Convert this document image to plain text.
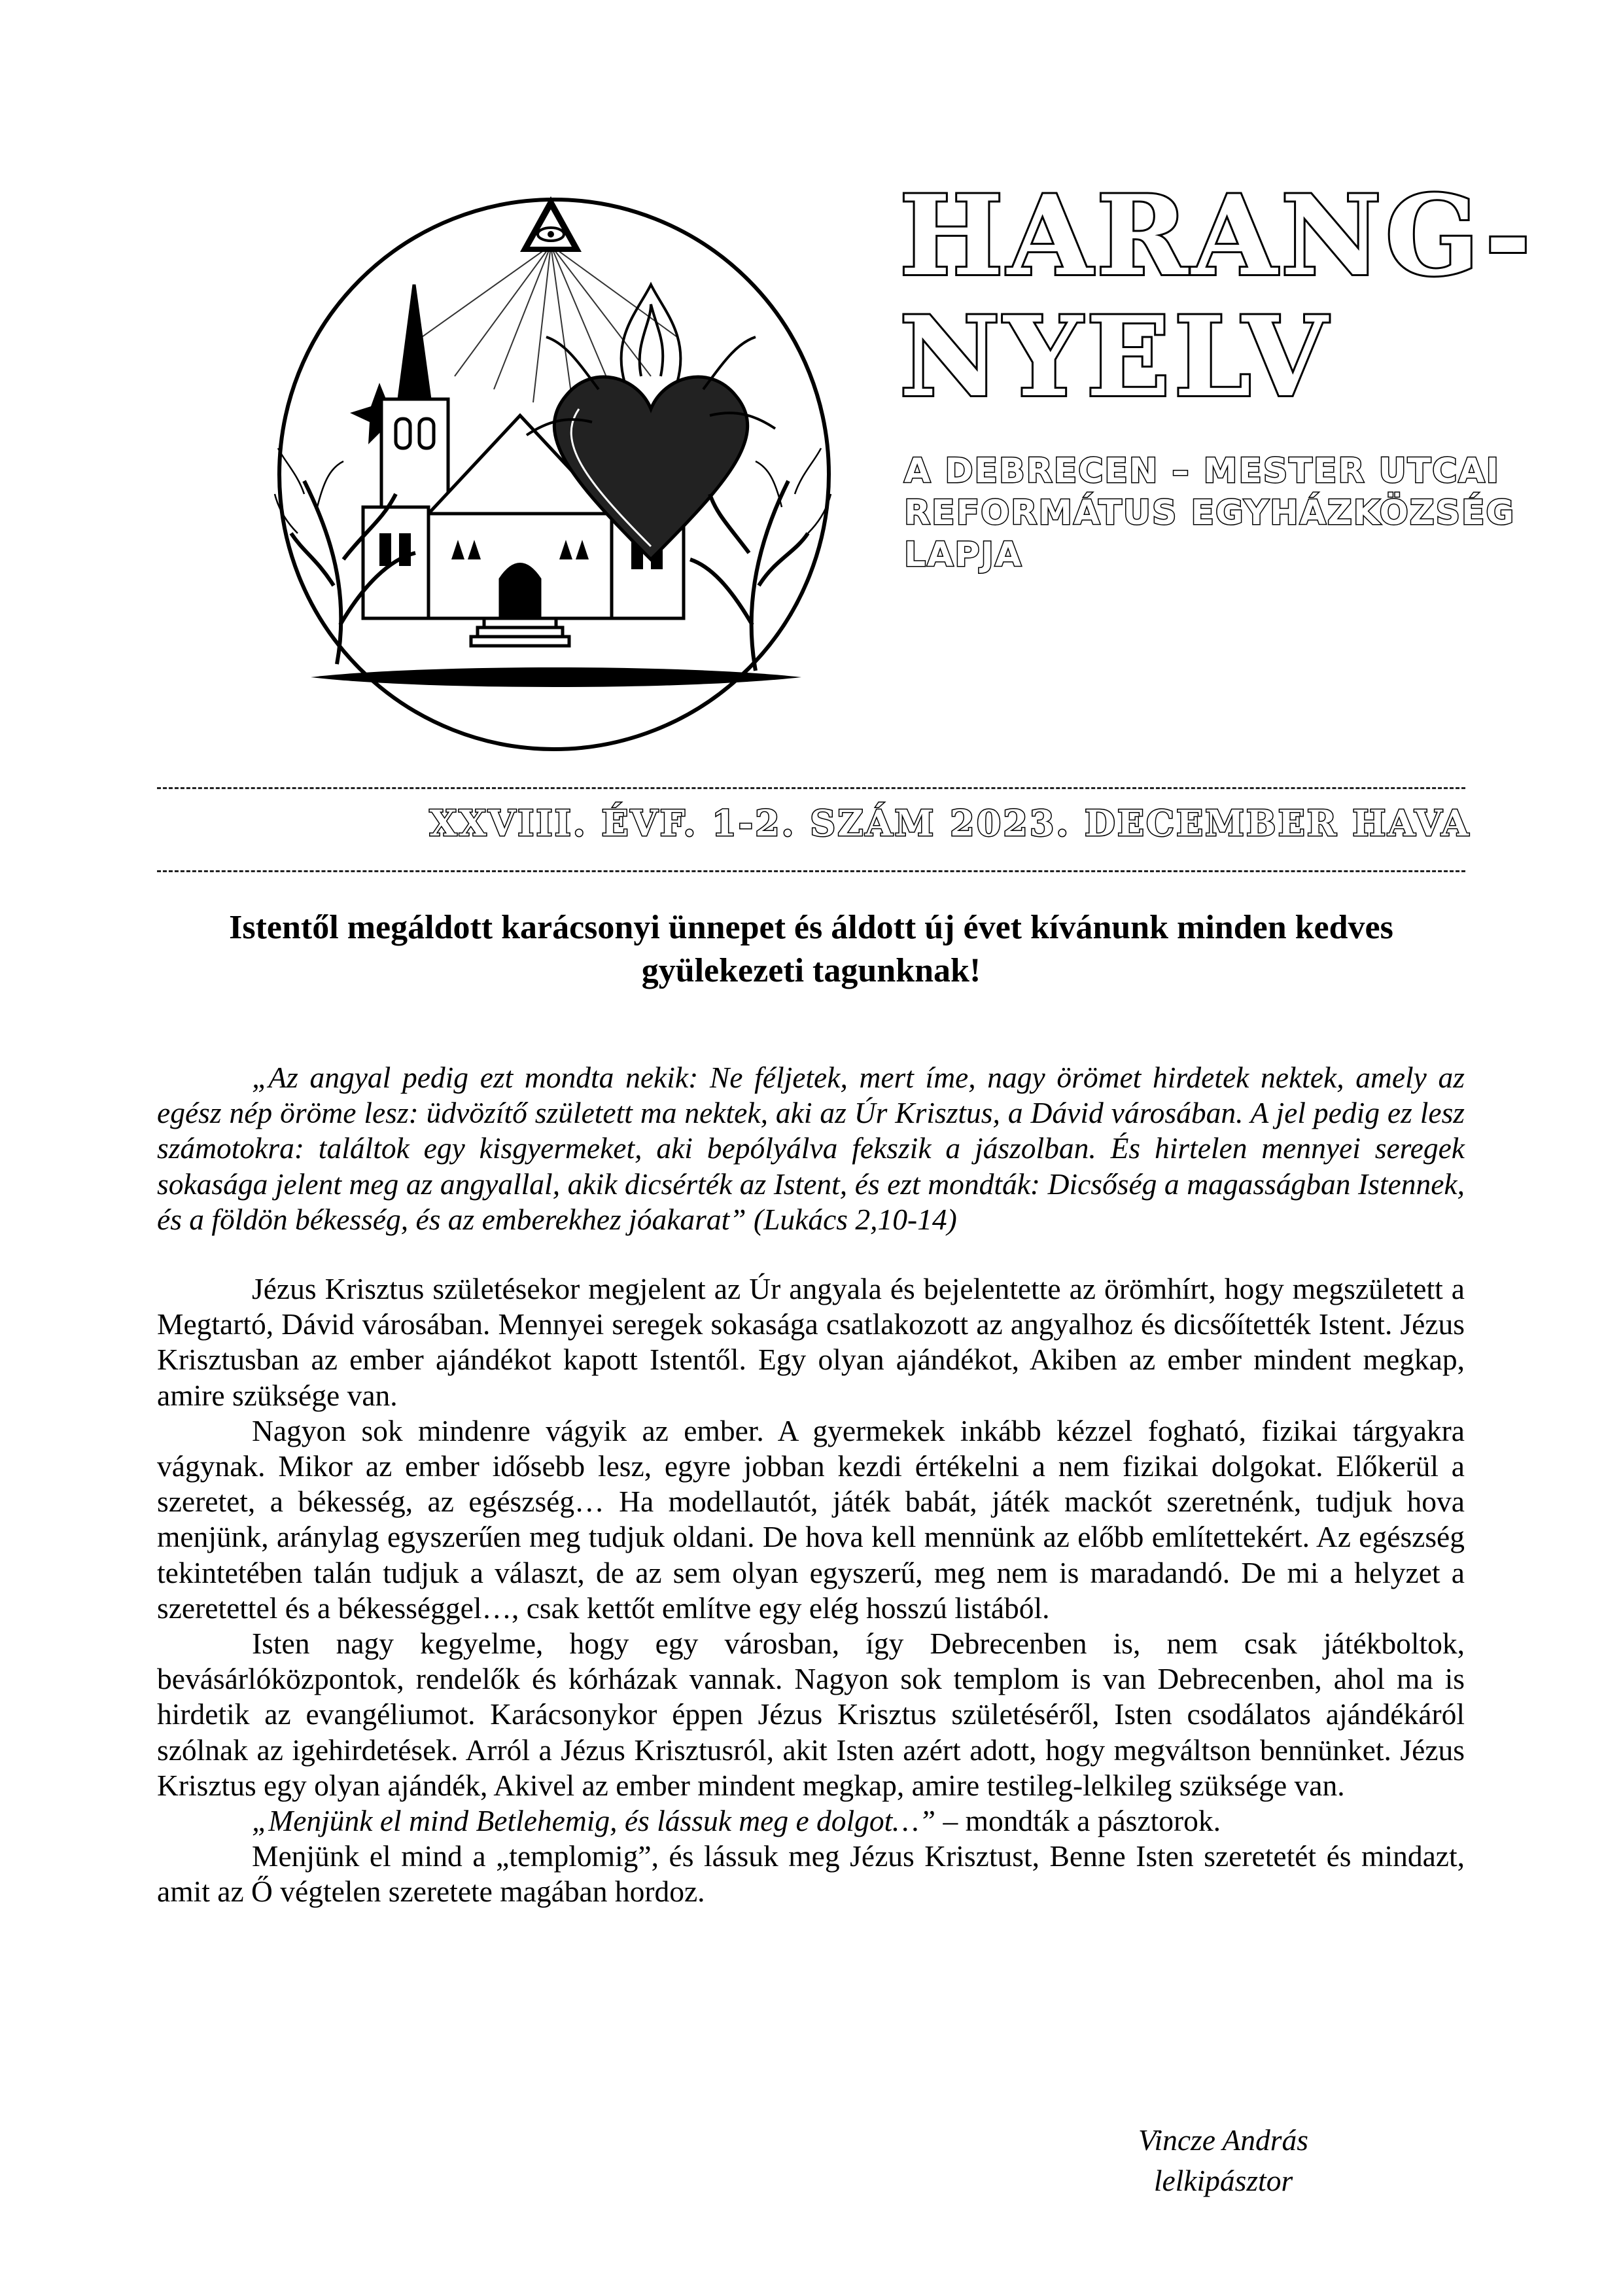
HARANG-
NYELV

A DEBRECEN – MESTER UTCAI
REFORMÁTUS EGYHÁZKÖZSÉG
LAPJA

XXVIII. ÉVF. 1-2. SZÁM 2023. DECEMBER HAVA

Istentől megáldott karácsonyi ünnepet és áldott új évet kívánunk minden kedves gyülekezeti tagunknak!

„Az angyal pedig ezt mondta nekik: Ne féljetek, mert íme, nagy örömet hirdetek nektek, amely az egész nép öröme lesz: üdvözítő született ma nektek, aki az Úr Krisztus, a Dávid városában. A jel pedig ez lesz számotokra: találtok egy kisgyermeket, aki bepólyálva fekszik a jászolban. És hirtelen mennyei seregek sokasága jelent meg az angyallal, akik dicsérték az Istent, és ezt mondták: Dicsőség a magasságban Istennek, és a földön békesség, és az emberekhez jóakarat” (Lukács 2,10-14)

Jézus Krisztus születésekor megjelent az Úr angyala és bejelentette az örömhírt, hogy megszületett a Megtartó, Dávid városában. Mennyei seregek sokasága csatlakozott az angyalhoz és dicsőítették Istent. Jézus Krisztusban az ember ajándékot kapott Istentől. Egy olyan ajándékot, Akiben az ember mindent megkap, amire szüksége van.

Nagyon sok mindenre vágyik az ember. A gyermekek inkább kézzel fogható, fizikai tárgyakra vágynak. Mikor az ember idősebb lesz, egyre jobban kezdi értékelni a nem fizikai dolgokat. Előkerül a szeretet, a békesség, az egészség… Ha modellautót, játék babát, játék mackót szeretnénk, tudjuk hova menjünk, aránylag egyszerűen meg tudjuk oldani. De hova kell mennünk az előbb említettekért. Az egészség tekintetében talán tudjuk a választ, de az sem olyan egyszerű, meg nem is maradandó. De mi a helyzet a szeretettel és a békességgel…, csak kettőt említve egy elég hosszú listából.

Isten nagy kegyelme, hogy egy városban, így Debrecenben is, nem csak játékboltok, bevásárlóközpontok, rendelők és kórházak vannak. Nagyon sok templom is van Debrecenben, ahol ma is hirdetik az evangéliumot. Karácsonykor éppen Jézus Krisztus születéséről, Isten csodálatos ajándékáról szólnak az igehirdetések. Arról a Jézus Krisztusról, akit Isten azért adott, hogy megváltson bennünket. Jézus Krisztus egy olyan ajándék, Akivel az ember mindent megkap, amire testileg-lelkileg szüksége van.

„Menjünk el mind Betlehemig, és lássuk meg e dolgot…” – mondták a pásztorok.

Menjünk el mind a „templomig”, és lássuk meg Jézus Krisztust, Benne Isten szeretetét és mindazt, amit az Ő végtelen szeretete magában hordoz.

Vincze András
lelkipásztor
